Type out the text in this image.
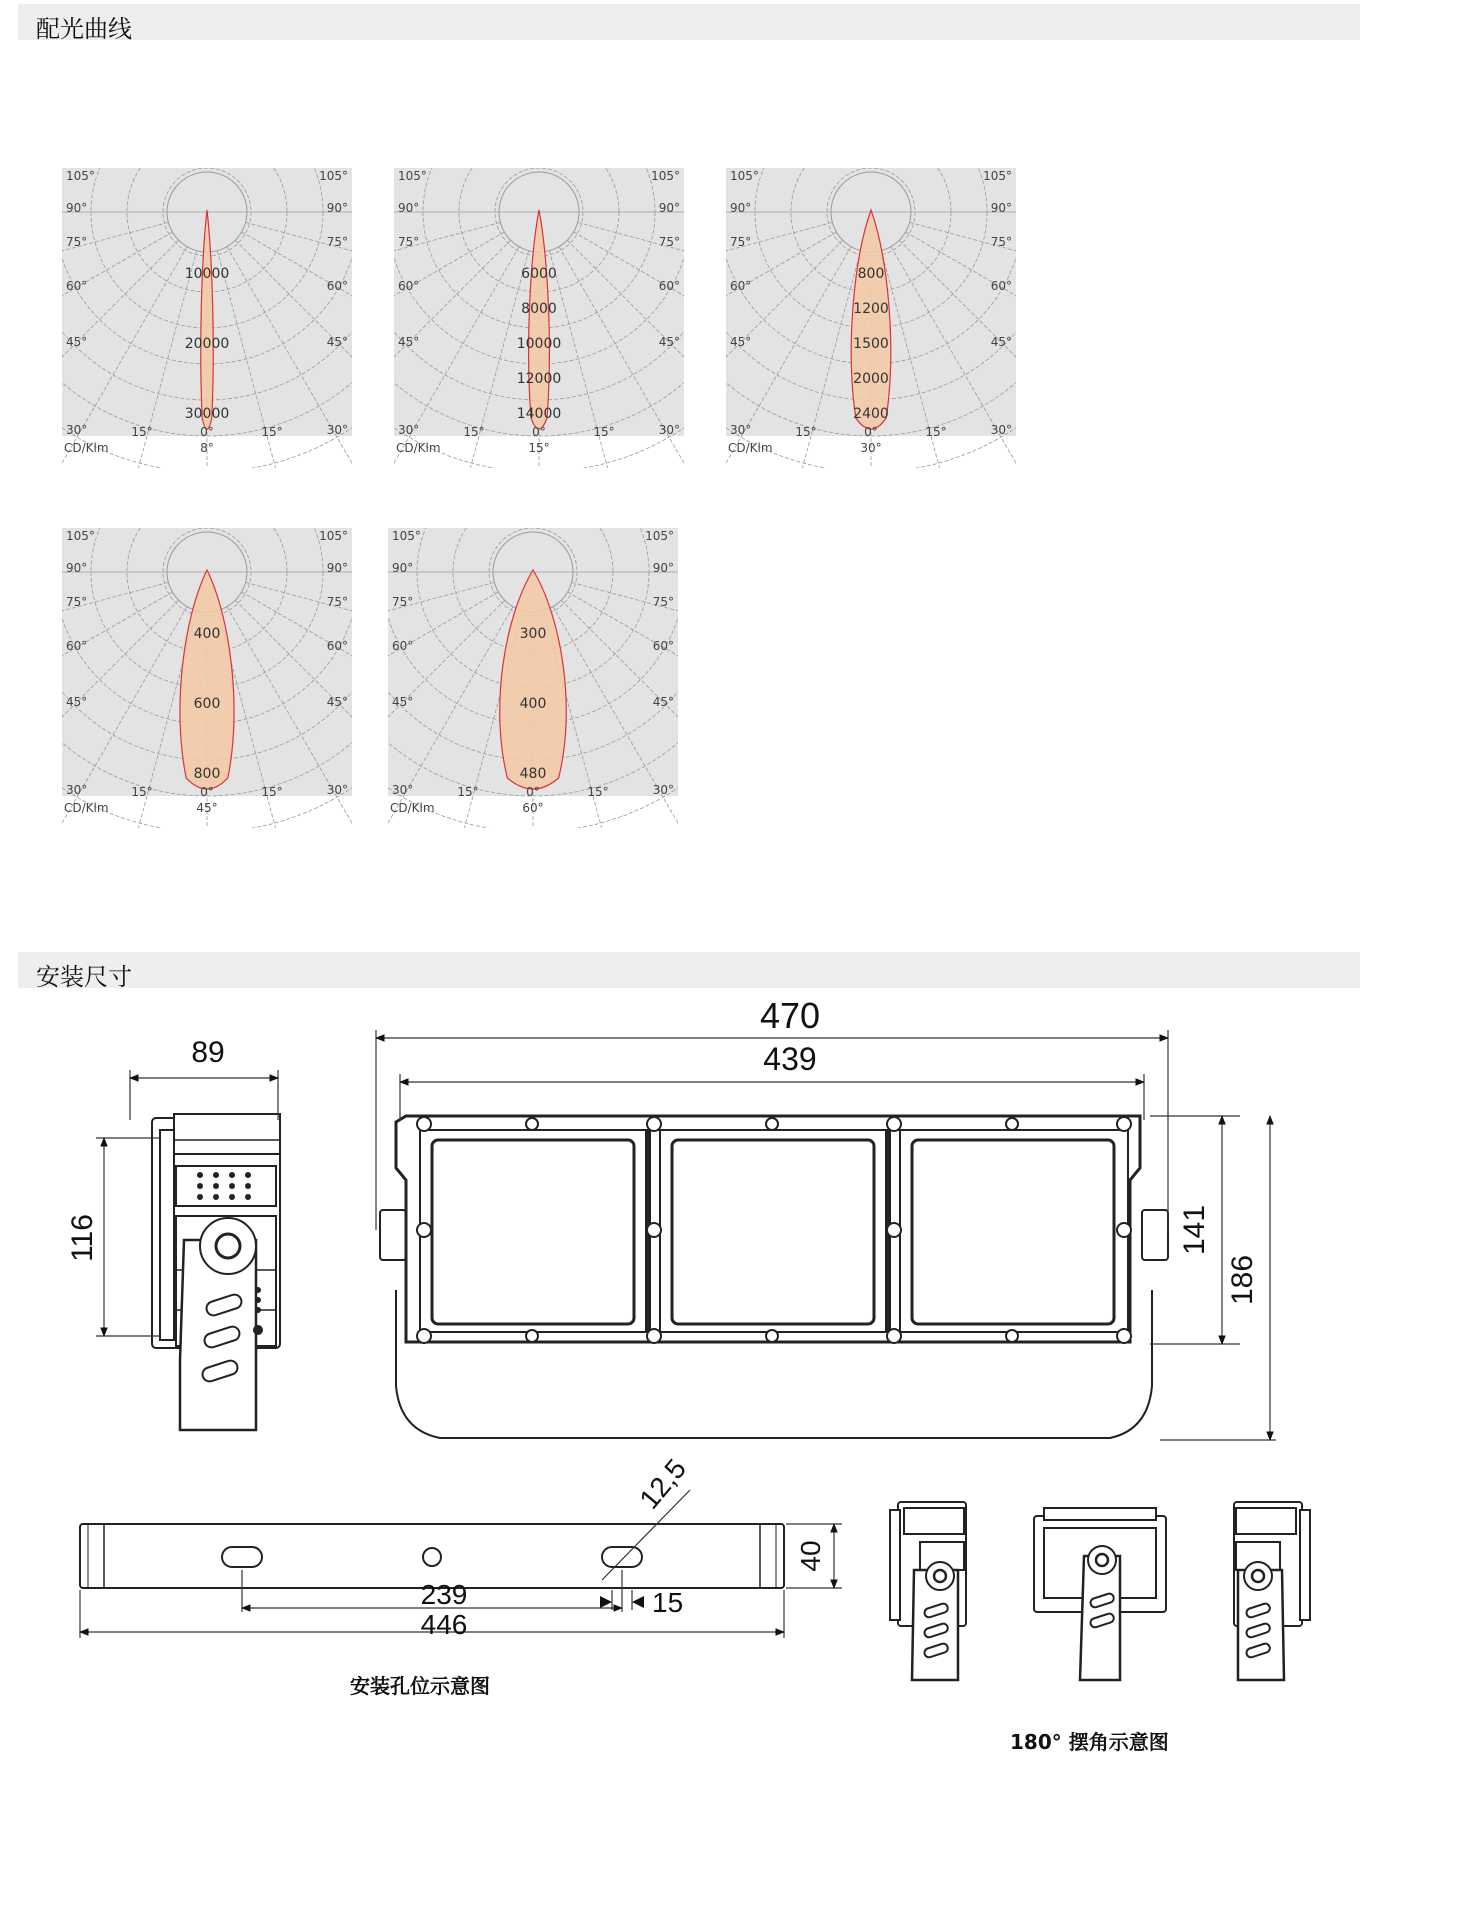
配光曲线
安装尺寸
10000
20000
30000
105°
90°
75°
60°
45°
30°
105°
90°
75°
60°
45°
30°
15°	15°
0°
CD/Klm	8°
6000
8000
10000
12000
14000
105°
90°
75°
60°
45°
30°
105°
90°
75°
60°
45°
30°
15°	15°
0°
CD/Klm	15°
800
1200
1500
2000
2400
105°
90°
75°
60°
45°
30°
105°
90°
75°
60°
45°
30°
15°	15°
0°
CD/Klm	30°
400
600
800
105°
90°
75°
60°
45°
30°
105°
90°
75°
60°
45°
30°
15°	15°
0°
CD/Klm	45°
300
400
480
105°
90°
75°
60°
45°
30°
105°
90°
75°
60°
45°
30°
15°	15°
0°
CD/Klm	60°
89
116
470
439
141
186
239
446
15
40
12,5
安装孔位示意图
180° 摆角示意图
